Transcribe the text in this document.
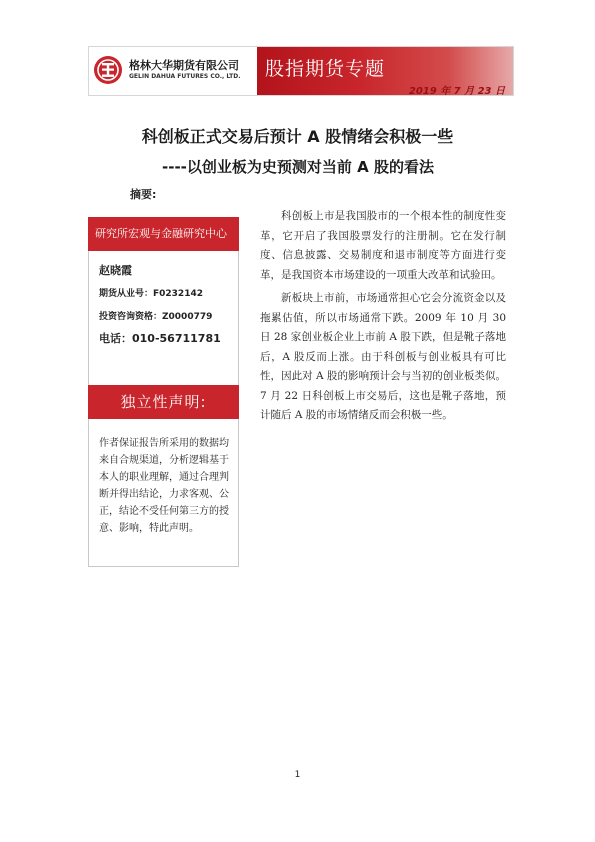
格林大华期货有限公司
GELIN DAHUA FUTURES CO., LTD. 股指期货专题
2019 年 7 月 23 日
科创板正式交易后预计 A 股情绪会积极一些
----以创业板为史预测对当前 A 股的看法
摘要:
研究所宏观与金融研究中心
赵晓霞
期货从业号：F0232142
投资咨询资格：Z0000779
电话：010-56711781
独立性声明:
作者保证报告所采用的数据均来自合规渠道，分析逻辑基于本人的职业理解，通过合理判断并得出结论，力求客观、公正，结论不受任何第三方的授意、影响，特此声明。

科创板上市是我国股市的一个根本性的制度性变革，它开启了我国股票发行的注册制。它在发行制度、信息披露、交易制度和退市制度等方面进行变革，是我国资本市场建设的一项重大改革和试验田。

新板块上市前，市场通常担心它会分流资金以及拖累估值，所以市场通常下跌。2009 年 10 月 30 日 28 家创业板企业上市前 A 股下跌，但是靴子落地后，A 股反而上涨。由于科创板与创业板具有可比性，因此对 A 股的影响预计会与当初的创业板类似。7 月 22 日科创板上市交易后，这也是靴子落地，预计随后 A 股的市场情绪反而会积极一些。

1
